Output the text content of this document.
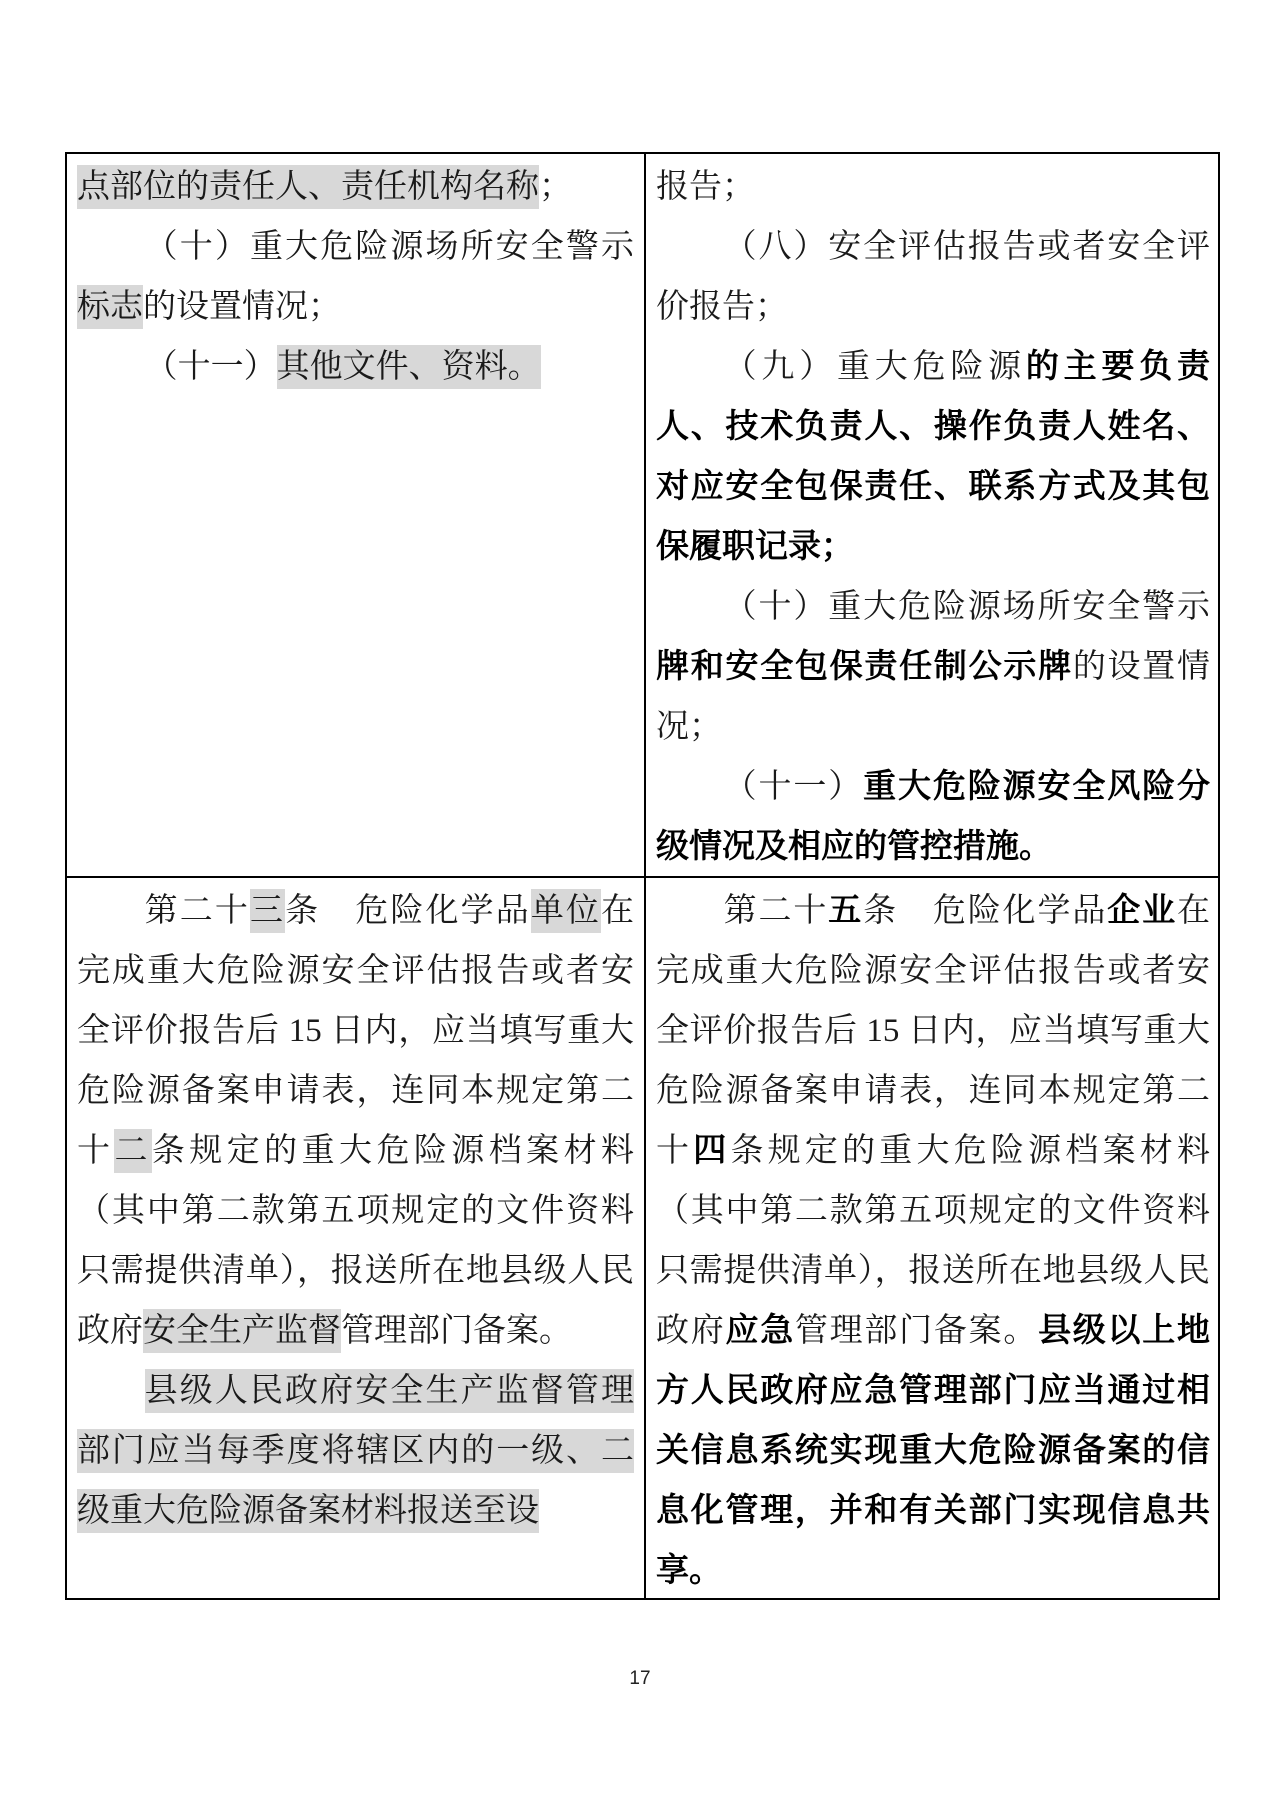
点部位的责任人、责任机构名称；

（十）重大危险源场所安全警示标志的设置情况；

（十一）其他文件、资料。

报告；

（八）安全评估报告或者安全评价报告；

（九）重大危险源的主要负责人、技术负责人、操作负责人姓名、对应安全包保责任、联系方式及其包保履职记录；

（十）重大危险源场所安全警示牌和安全包保责任制公示牌的设置情况；

（十一）重大危险源安全风险分级情况及相应的管控措施。

第二十三条　危险化学品单位在完成重大危险源安全评估报告或者安全评价报告后 15 日内，应当填写重大危险源备案申请表，连同本规定第二十二条规定的重大危险源档案材料（其中第二款第五项规定的文件资料只需提供清单），报送所在地县级人民政府安全生产监督管理部门备案。

县级人民政府安全生产监督管理部门应当每季度将辖区内的一级、二级重大危险源备案材料报送至设

第二十五条　危险化学品企业在完成重大危险源安全评估报告或者安全评价报告后 15 日内，应当填写重大危险源备案申请表，连同本规定第二十四条规定的重大危险源档案材料（其中第二款第五项规定的文件资料只需提供清单），报送所在地县级人民政府应急管理部门备案。县级以上地方人民政府应急管理部门应当通过相关信息系统实现重大危险源备案的信息化管理，并和有关部门实现信息共享。

17
